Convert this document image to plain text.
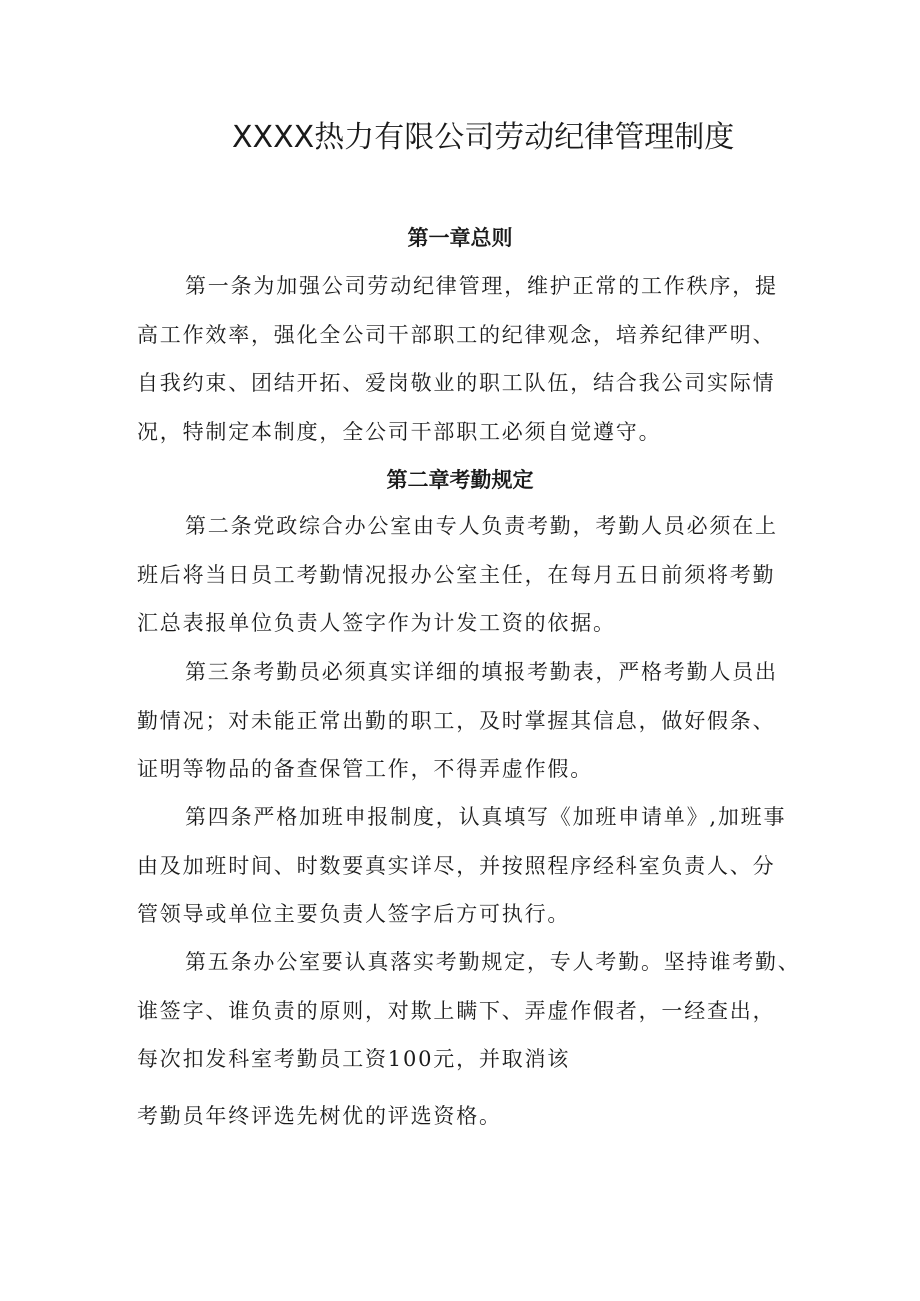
XXXX热力有限公司劳动纪律管理制度
第一章总则

第一条为加强公司劳动纪律管理，维护正常的工作秩序，提
高工作效率，强化全公司干部职工的纪律观念，培养纪律严明、
自我约束、团结开拓、爱岗敬业的职工队伍，结合我公司实际情
况，特制定本制度，全公司干部职工必须自觉遵守。

第二章考勤规定

第二条党政综合办公室由专人负责考勤，考勤人员必须在上
班后将当日员工考勤情况报办公室主任，在每月五日前须将考勤
汇总表报单位负责人签字作为计发工资的依据。

第三条考勤员必须真实详细的填报考勤表，严格考勤人员出
勤情况；对未能正常出勤的职工，及时掌握其信息，做好假条、
证明等物品的备查保管工作，不得弄虚作假。

第四条严格加班申报制度，认真填写《加班申请单》,加班事
由及加班时间、时数要真实详尽，并按照程序经科室负责人、分
管领导或单位主要负责人签字后方可执行。

第五条办公室要认真落实考勤规定，专人考勤。坚持谁考勤、
谁签字、谁负责的原则，对欺上瞒下、弄虚作假者，一经查出，
每次扣发科室考勤员工资100元，并取消该

考勤员年终评选先树优的评选资格。
